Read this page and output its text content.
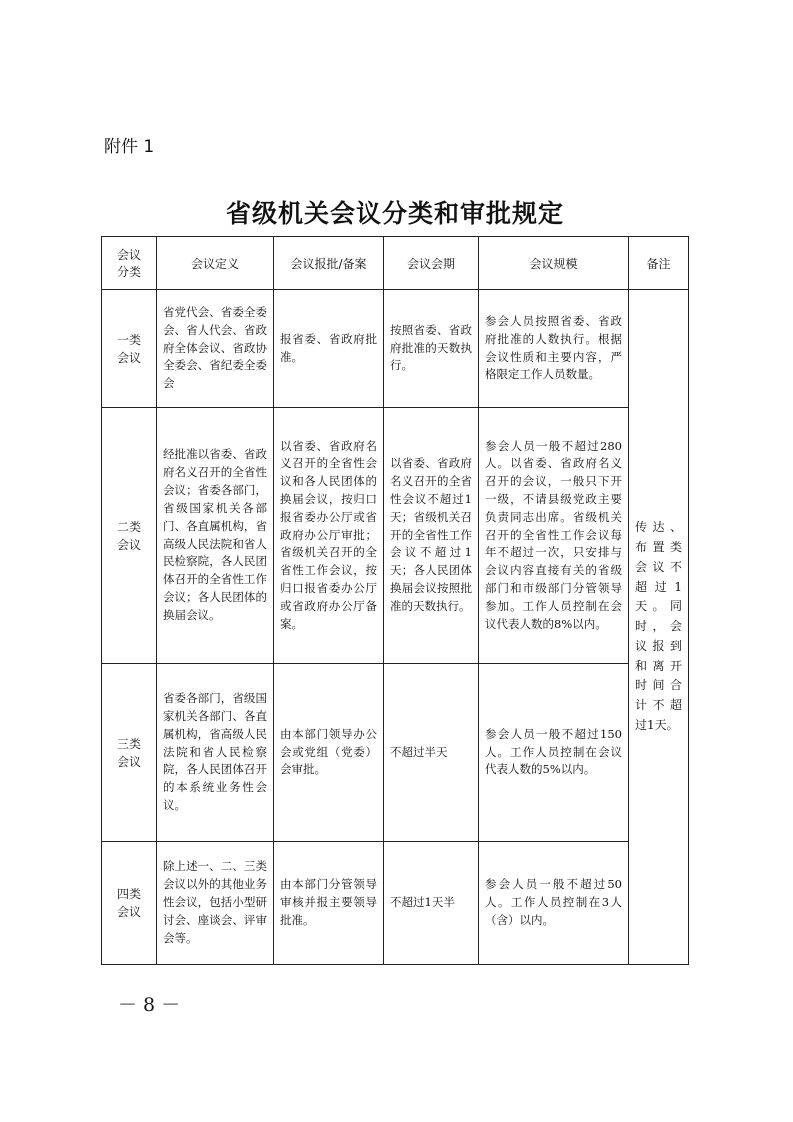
附件 1
省级机关会议分类和审批规定
会议分类	会议定义	会议报批/备案	会议会期	会议规模	备注
一类会议	省党代会、省委全委会、省人代会、省政府全体会议、省政协全委会、省纪委全委会	报省委、省政府批准。	按照省委、省政府批准的天数执行。	参会人员按照省委、省政府批准的人数执行。根据会议性质和主要内容，严格限定工作人员数量。	传达、布置类会议不超过1天。同时，会议报到和离开时间合计不超过1天。
二类会议	经批准以省委、省政府名义召开的全省性会议；省委各部门，省级国家机关各部门、各直属机构，省高级人民法院和省人民检察院，各人民团体召开的全省性工作会议；各人民团体的换届会议。	以省委、省政府名义召开的全省性会议和各人民团体的换届会议，按归口报省委办公厅或省政府办公厅审批；省级机关召开的全省性工作会议，按归口报省委办公厅或省政府办公厅备案。	以省委、省政府名义召开的全省性会议不超过1天；省级机关召开的全省性工作会议不超过1天；各人民团体换届会议按照批准的天数执行。	参会人员一般不超过280人。以省委、省政府名义召开的会议，一般只下开一级，不请县级党政主要负责同志出席。省级机关召开的全省性工作会议每年不超过一次，只安排与会议内容直接有关的省级部门和市级部门分管领导参加。工作人员控制在会议代表人数的8%以内。	
三类会议	省委各部门，省级国家机关各部门、各直属机构，省高级人民法院和省人民检察院，各人民团体召开的本系统业务性会议。	由本部门领导办公会或党组（党委）会审批。	不超过半天	参会人员一般不超过150人。工作人员控制在会议代表人数的5%以内。	
四类会议	除上述一、二、三类会议以外的其他业务性会议，包括小型研讨会、座谈会、评审会等。	由本部门分管领导审核并报主要领导批准。	不超过1天半	参会人员一般不超过50人。工作人员控制在3人（含）以内。	
－ 8 －
